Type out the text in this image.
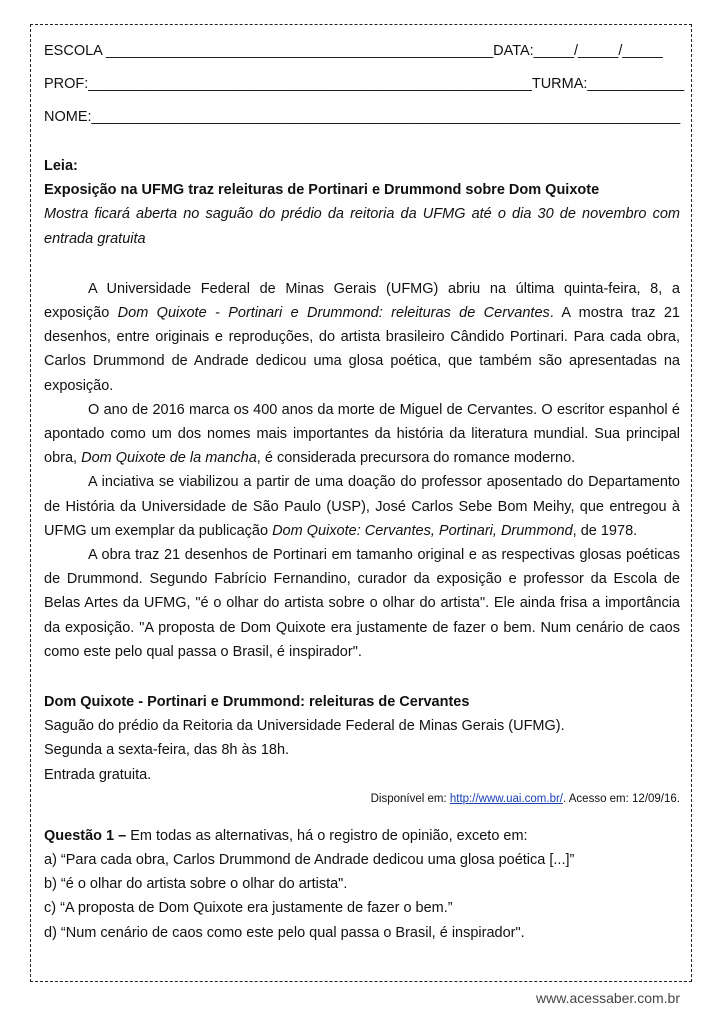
ESCOLA ________________________________________________DATA:_____/_____/_____
PROF:_______________________________________________________TURMA:____________
NOME:_________________________________________________________________________
Leia:
Exposição na UFMG traz releituras de Portinari e Drummond sobre Dom Quixote
Mostra ficará aberta no saguão do prédio da reitoria da UFMG até o dia 30 de novembro com entrada gratuita

A Universidade Federal de Minas Gerais (UFMG) abriu na última quinta-feira, 8, a exposição Dom Quixote - Portinari e Drummond: releituras de Cervantes. A mostra traz 21 desenhos, entre originais e reproduções, do artista brasileiro Cândido Portinari. Para cada obra, Carlos Drummond de Andrade dedicou uma glosa poética, que também são apresentadas na exposição.

O ano de 2016 marca os 400 anos da morte de Miguel de Cervantes. O escritor espanhol é apontado como um dos nomes mais importantes da história da literatura mundial. Sua principal obra, Dom Quixote de la mancha, é considerada precursora do romance moderno.

A inciativa se viabilizou a partir de uma doação do professor aposentado do Departamento de História da Universidade de São Paulo (USP), José Carlos Sebe Bom Meihy, que entregou à UFMG um exemplar da publicação Dom Quixote: Cervantes, Portinari, Drummond, de 1978.

A obra traz 21 desenhos de Portinari em tamanho original e as respectivas glosas poéticas de Drummond. Segundo Fabrício Fernandino, curador da exposição e professor da Escola de Belas Artes da UFMG, "é o olhar do artista sobre o olhar do artista". Ele ainda frisa a importância da exposição. "A proposta de Dom Quixote era justamente de fazer o bem. Num cenário de caos como este pelo qual passa o Brasil, é inspirador".

Dom Quixote - Portinari e Drummond: releituras de Cervantes
Saguão do prédio da Reitoria da Universidade Federal de Minas Gerais (UFMG).
Segunda a sexta-feira, das 8h às 18h.
Entrada gratuita.
Disponível em: http://www.uai.com.br/. Acesso em: 12/09/16.
Questão 1 – Em todas as alternativas, há o registro de opinião, exceto em:
a) “Para cada obra, Carlos Drummond de Andrade dedicou uma glosa poética [...]”
b) “é o olhar do artista sobre o olhar do artista".
c) “A proposta de Dom Quixote era justamente de fazer o bem.”
d) “Num cenário de caos como este pelo qual passa o Brasil, é inspirador".
www.acessaber.com.br
